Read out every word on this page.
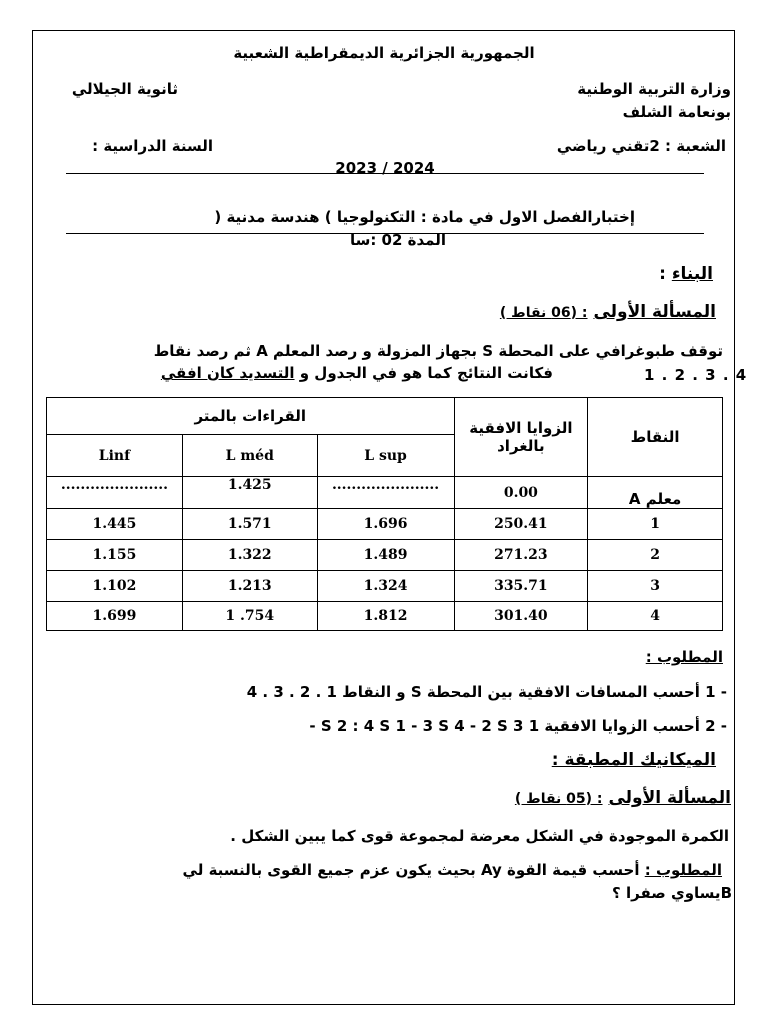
الجمهورية الجزائرية الديمقراطية الشعبية
وزارة التربية الوطنية
ثانوية الجيلالي
بونعامة الشلف
الشعبة : 2تقني رياضي
السنة الدراسية :
2023 / 2024
إختبارالفصل الاول في مادة : التكنولوجيا ) هندسة مدنية (
المدة 02 :سا
البناء :
المسألة الأولى : (06 نقاط )
توقف طبوغرافي على المحطة S بجهاز المزولة و رصد المعلم A ثم رصد نقاط
فكانت النتائج كما هو في الجدول و التسديد كان افقي	1 . 2 . 3 . 4
القراءات بالمتر			الزوايا الافقية بالغراد	النقاط
Linf	L méd	L sup		
......................	1.425	......................	0.00	معلم A
1.445	1.571	1.696	250.41	1
1.155	1.322	1.489	271.23	2
1.102	1.213	1.324	335.71	3
1.699	1 .754	1.812	301.40	4
المطلوب :
- 1 أحسب المسافات الافقية بين المحطة S و النقاط 1 . 2 . 3 . 4
- 2 أحسب الزوايا الافقية - S 2 : 4 S 1 - 3 S 4 - 2 S 3 1
الميكانيك المطبقة :
المسألة الأولى : (05 نقاط )
الكمرة الموجودة في الشكل معرضة لمجموعة قوى كما يبين الشكل .
المطلوب : أحسب قيمة القوة Ay بحيث يكون عزم جميع القوى بالنسبة لي
Bيساوي صفرا ؟
